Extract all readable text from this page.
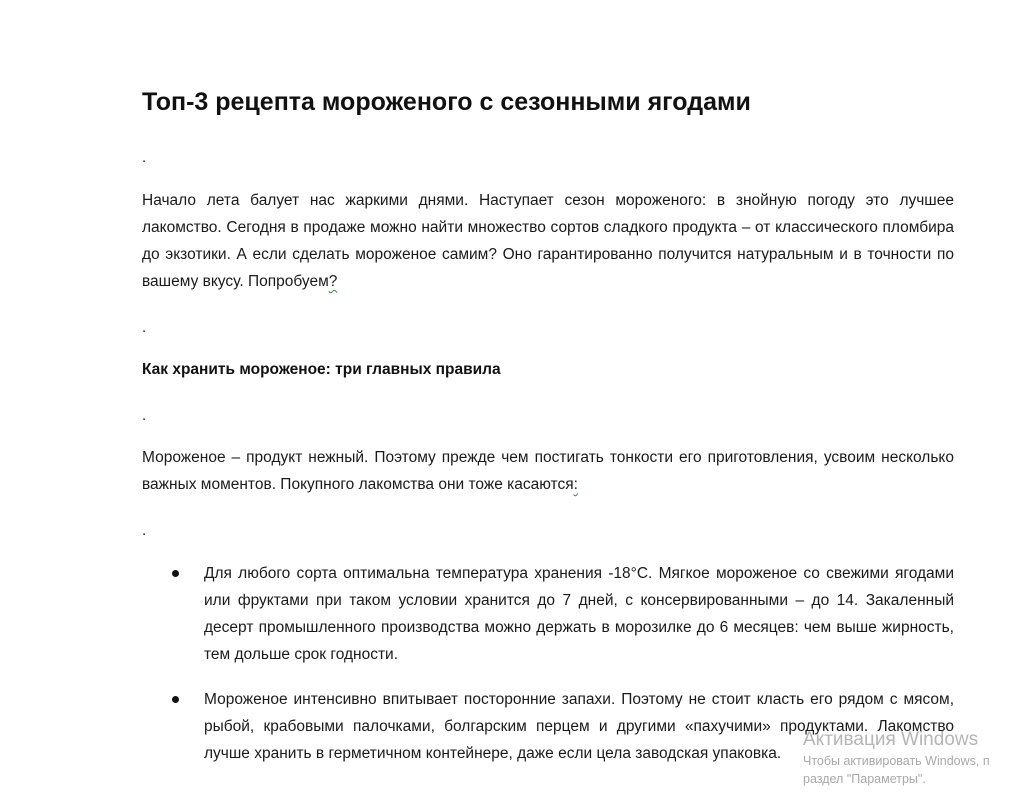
Топ-3 рецепта мороженого с сезонными ягодами
.

Начало лета балует нас жаркими днями. Наступает сезон мороженого: в знойную погоду это лучшее лакомство. Сегодня в продаже можно найти множество сортов сладкого продукта – от классического пломбира до экзотики. А если сделать мороженое самим? Оно гарантированно получится натуральным и в точности по вашему вкусу. Попробуем?

.
Как хранить мороженое: три главных правила
.

Мороженое – продукт нежный. Поэтому прежде чем постигать тонкости его приготовления, усвоим несколько важных моментов. Покупного лакомства они тоже касаются:

.
Для любого сорта оптимальна температура хранения -18°C. Мягкое мороженое со свежими ягодами или фруктами при таком условии хранится до 7 дней, с консервированными – до 14. Закаленный десерт промышленного производства можно держать в морозилке до 6 месяцев: чем выше жирность, тем дольше срок годности.
Мороженое интенсивно впитывает посторонние запахи. Поэтому не стоит класть его рядом с мясом, рыбой, крабовыми палочками, болгарским перцем и другими «пахучими» продуктами. Лакомство лучше хранить в герметичном контейнере, даже если цела заводская упаковка.
Активация Windows
Чтобы активировать Windows, п
раздел "Параметры".
